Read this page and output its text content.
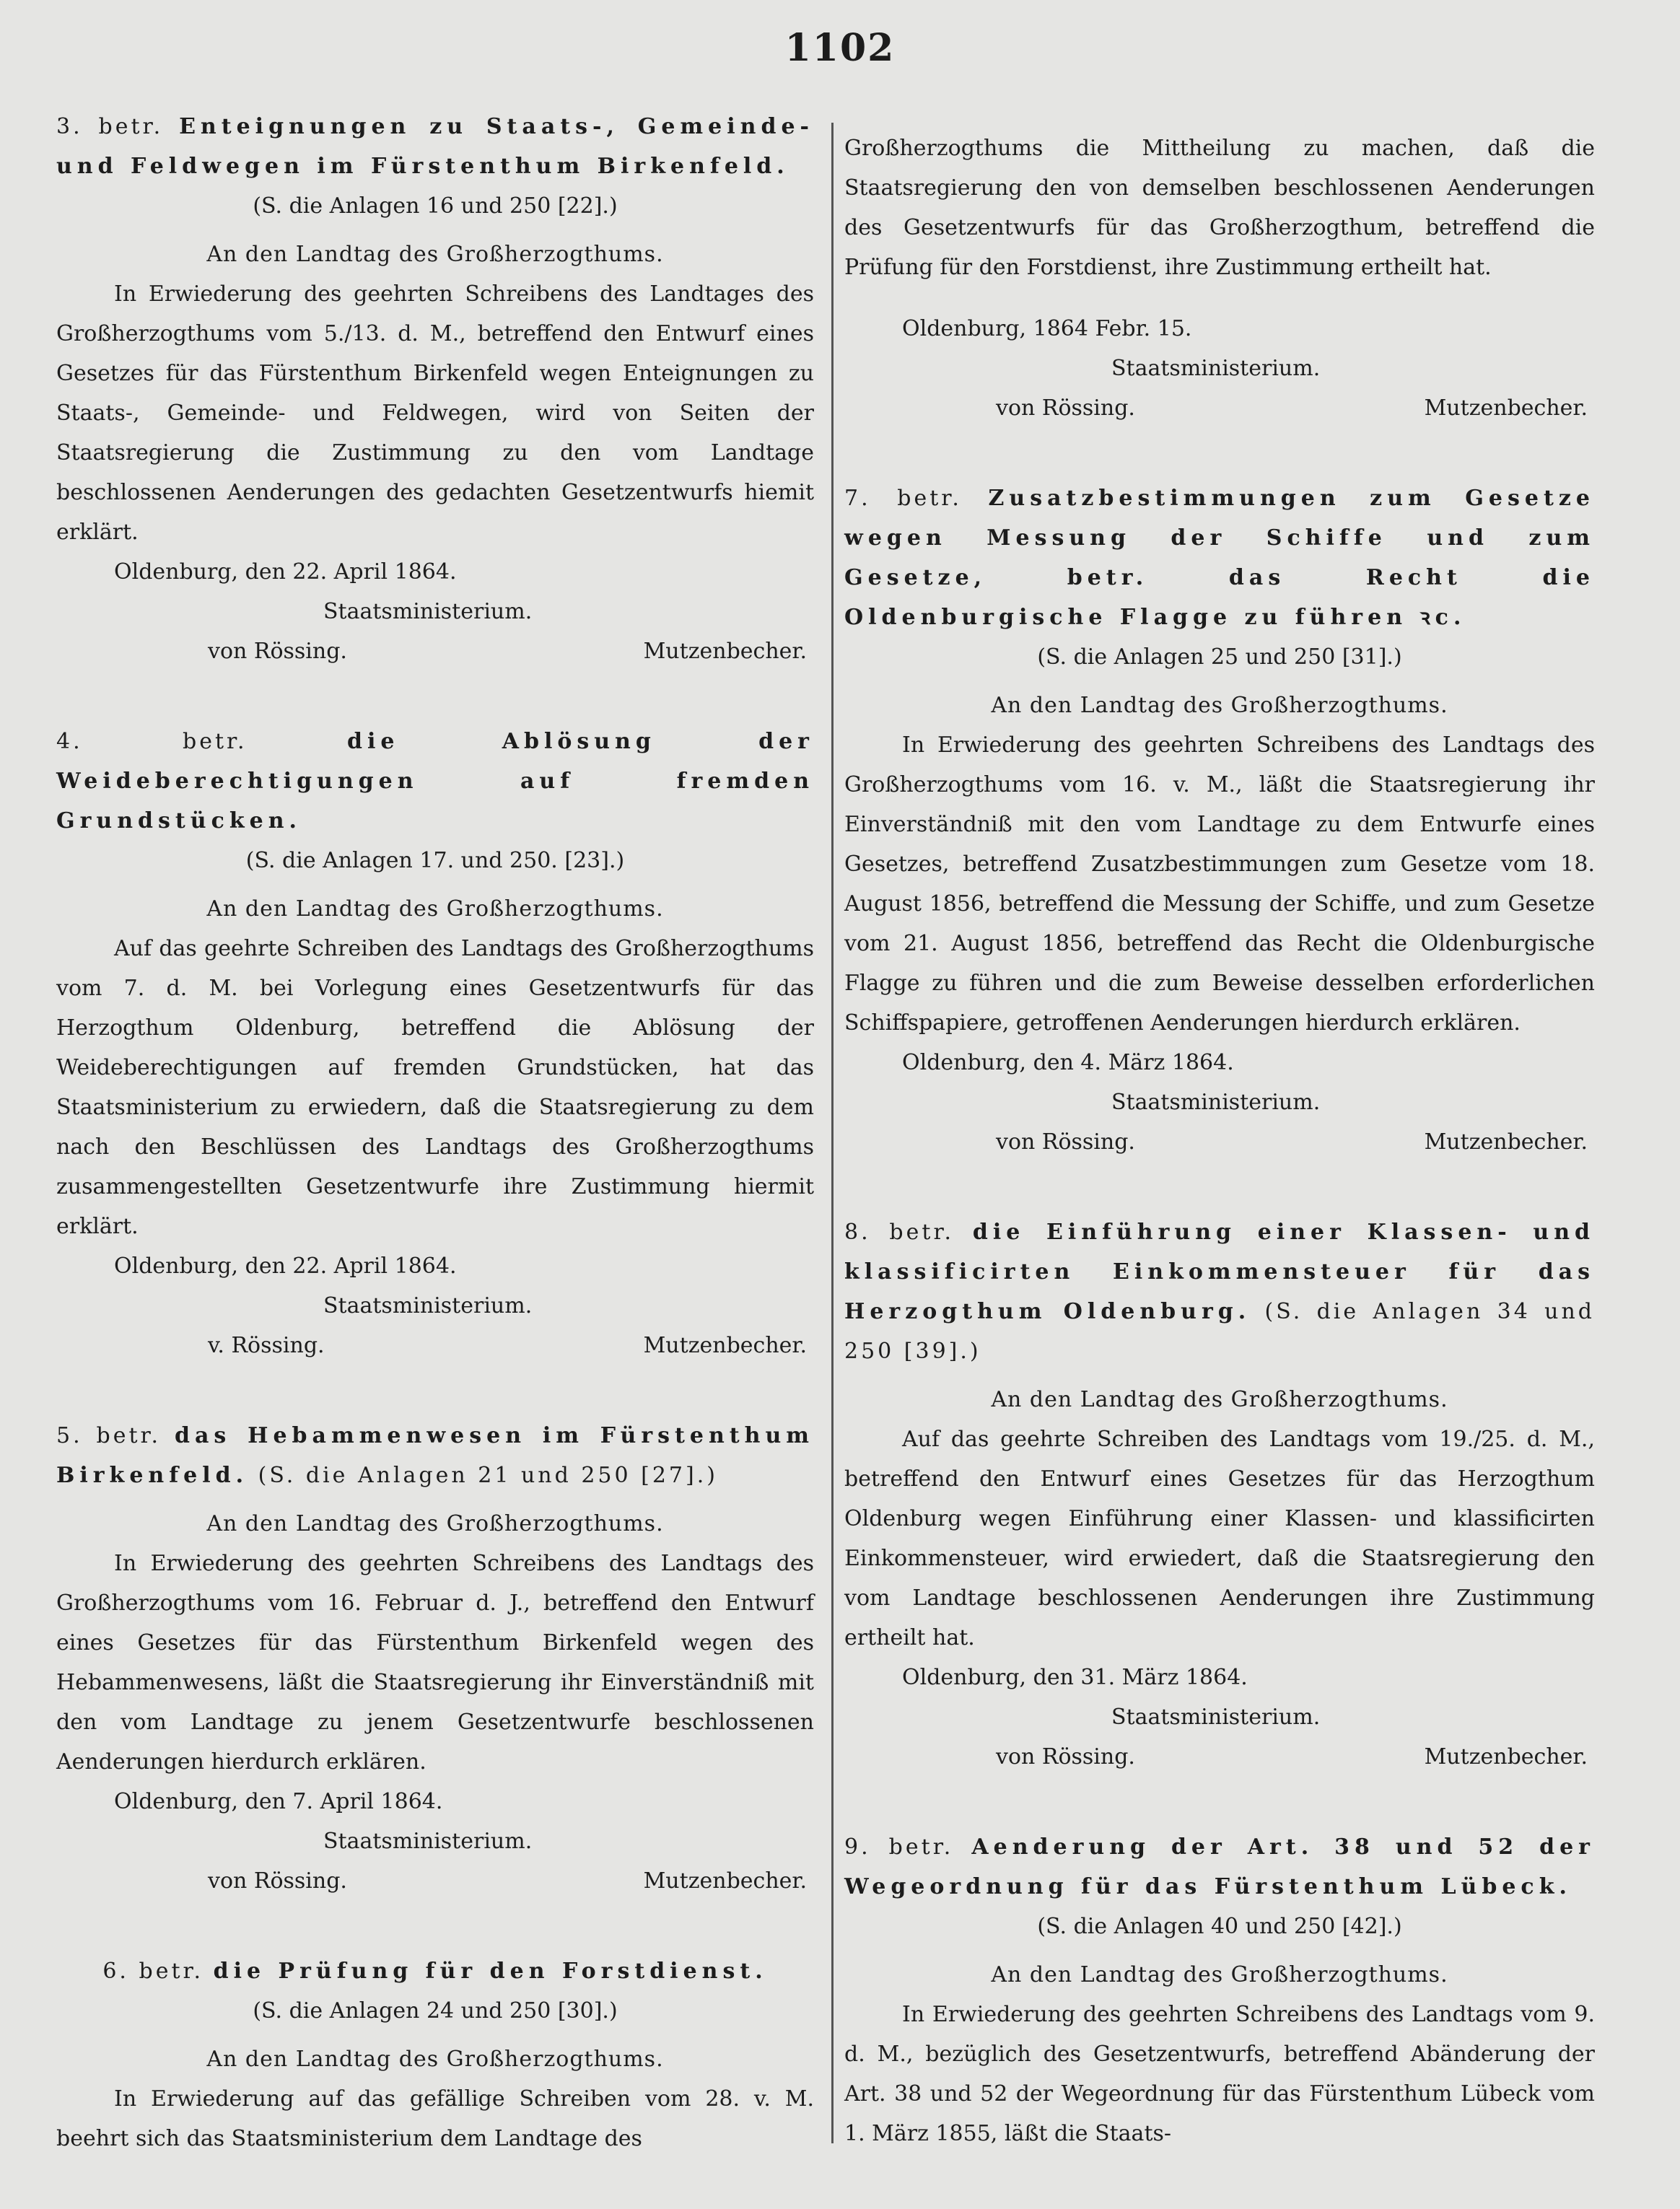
1102

3. betr. Enteignungen zu Staats-, Gemeinde- und Feldwegen im Fürstenthum Birkenfeld.

(S. die Anlagen 16 und 250 [22].)

An den Landtag des Großherzogthums.

In Erwiederung des geehrten Schreibens des Landtages des Großherzogthums vom 5./13. d. M., betreffend den Entwurf eines Gesetzes für das Fürstenthum Birkenfeld wegen Enteignungen zu Staats-, Gemeinde- und Feldwegen, wird von Seiten der Staatsregierung die Zustimmung zu den vom Landtage beschlossenen Aenderungen des gedachten Gesetzentwurfs hiemit erklärt.

Oldenburg, den 22. April 1864.

Staatsministerium.

von Rössing.	Mutzenbecher.

4. betr.	die Ablösung der Weideberechtigungen auf fremden Grundstücken.

(S. die Anlagen 17. und 250. [23].)

An den Landtag des Großherzogthums.

Auf das geehrte Schreiben des Landtags des Großherzogthums vom 7. d. M. bei Vorlegung eines Gesetzentwurfs für das Herzogthum Oldenburg, betreffend die Ablösung der Weideberechtigungen auf fremden Grundstücken, hat das Staatsministerium zu erwiedern, daß die Staatsregierung zu dem nach den Beschlüssen des Landtags des Großherzogthums zusammengestellten Gesetzentwurfe ihre Zustimmung hiermit erklärt.

Oldenburg, den 22. April 1864.

Staatsministerium.

v. Rössing.	Mutzenbecher.

5. betr. das Hebammenwesen im Fürstenthum Birkenfeld. (S. die Anlagen 21 und 250 [27].)

An den Landtag des Großherzogthums.

In Erwiederung des geehrten Schreibens des Landtags des Großherzogthums vom 16. Februar d. J., betreffend den Entwurf eines Gesetzes für das Fürstenthum Birkenfeld wegen des Hebammenwesens, läßt die Staatsregierung ihr Einverständniß mit den vom Landtage zu jenem Gesetzentwurfe beschlossenen Aenderungen hierdurch erklären.

Oldenburg, den 7. April 1864.

Staatsministerium.

von Rössing.	Mutzenbecher.

6. betr. die Prüfung für den Forstdienst.

(S. die Anlagen 24 und 250 [30].)

An den Landtag des Großherzogthums.

In Erwiederung auf das gefällige Schreiben vom 28. v. M. beehrt sich das Staatsministerium dem Landtage des

Großherzogthums die Mittheilung zu machen, daß die Staatsregierung den von demselben beschlossenen Aenderungen des Gesetzentwurfs für das Großherzogthum, betreffend die Prüfung für den Forstdienst, ihre Zustimmung ertheilt hat.

Oldenburg, 1864 Febr. 15.

Staatsministerium.

von Rössing.	Mutzenbecher.

7. betr. Zusatzbestimmungen zum Gesetze wegen Messung der Schiffe und zum Gesetze, betr. das Recht die Oldenburgische Flagge zu führen ꝛc.

(S. die Anlagen 25 und 250 [31].)

An den Landtag des Großherzogthums.

In Erwiederung des geehrten Schreibens des Landtags des Großherzogthums vom 16. v. M., läßt die Staatsregierung ihr Einverständniß mit den vom Landtage zu dem Entwurfe eines Gesetzes, betreffend Zusatzbestimmungen zum Gesetze vom 18. August 1856, betreffend die Messung der Schiffe, und zum Gesetze vom 21. August 1856, betreffend das Recht die Oldenburgische Flagge zu führen und die zum Beweise desselben erforderlichen Schiffspapiere, getroffenen Aenderungen hierdurch erklären.

Oldenburg, den 4. März 1864.

Staatsministerium.

von Rössing.	Mutzenbecher.

8. betr. die Einführung einer Klassen- und klassificirten Einkommensteuer für das Herzogthum Oldenburg. (S. die Anlagen 34 und 250 [39].)

An den Landtag des Großherzogthums.

Auf das geehrte Schreiben des Landtags vom 19./25. d. M., betreffend den Entwurf eines Gesetzes für das Herzogthum Oldenburg wegen Einführung einer Klassen- und klassificirten Einkommensteuer, wird erwiedert, daß die Staatsregierung den vom Landtage beschlossenen Aenderungen ihre Zustimmung ertheilt hat.

Oldenburg, den 31. März 1864.

Staatsministerium.

von Rössing.	Mutzenbecher.

9. betr. Aenderung der Art. 38 und 52 der Wegeordnung für das Fürstenthum Lübeck.

(S. die Anlagen 40 und 250 [42].)

An den Landtag des Großherzogthums.

In Erwiederung des geehrten Schreibens des Landtags vom 9. d. M., bezüglich des Gesetzentwurfs, betreffend Abänderung der Art. 38 und 52 der Wegeordnung für das Fürstenthum Lübeck vom 1. März 1855, läßt die Staats-
